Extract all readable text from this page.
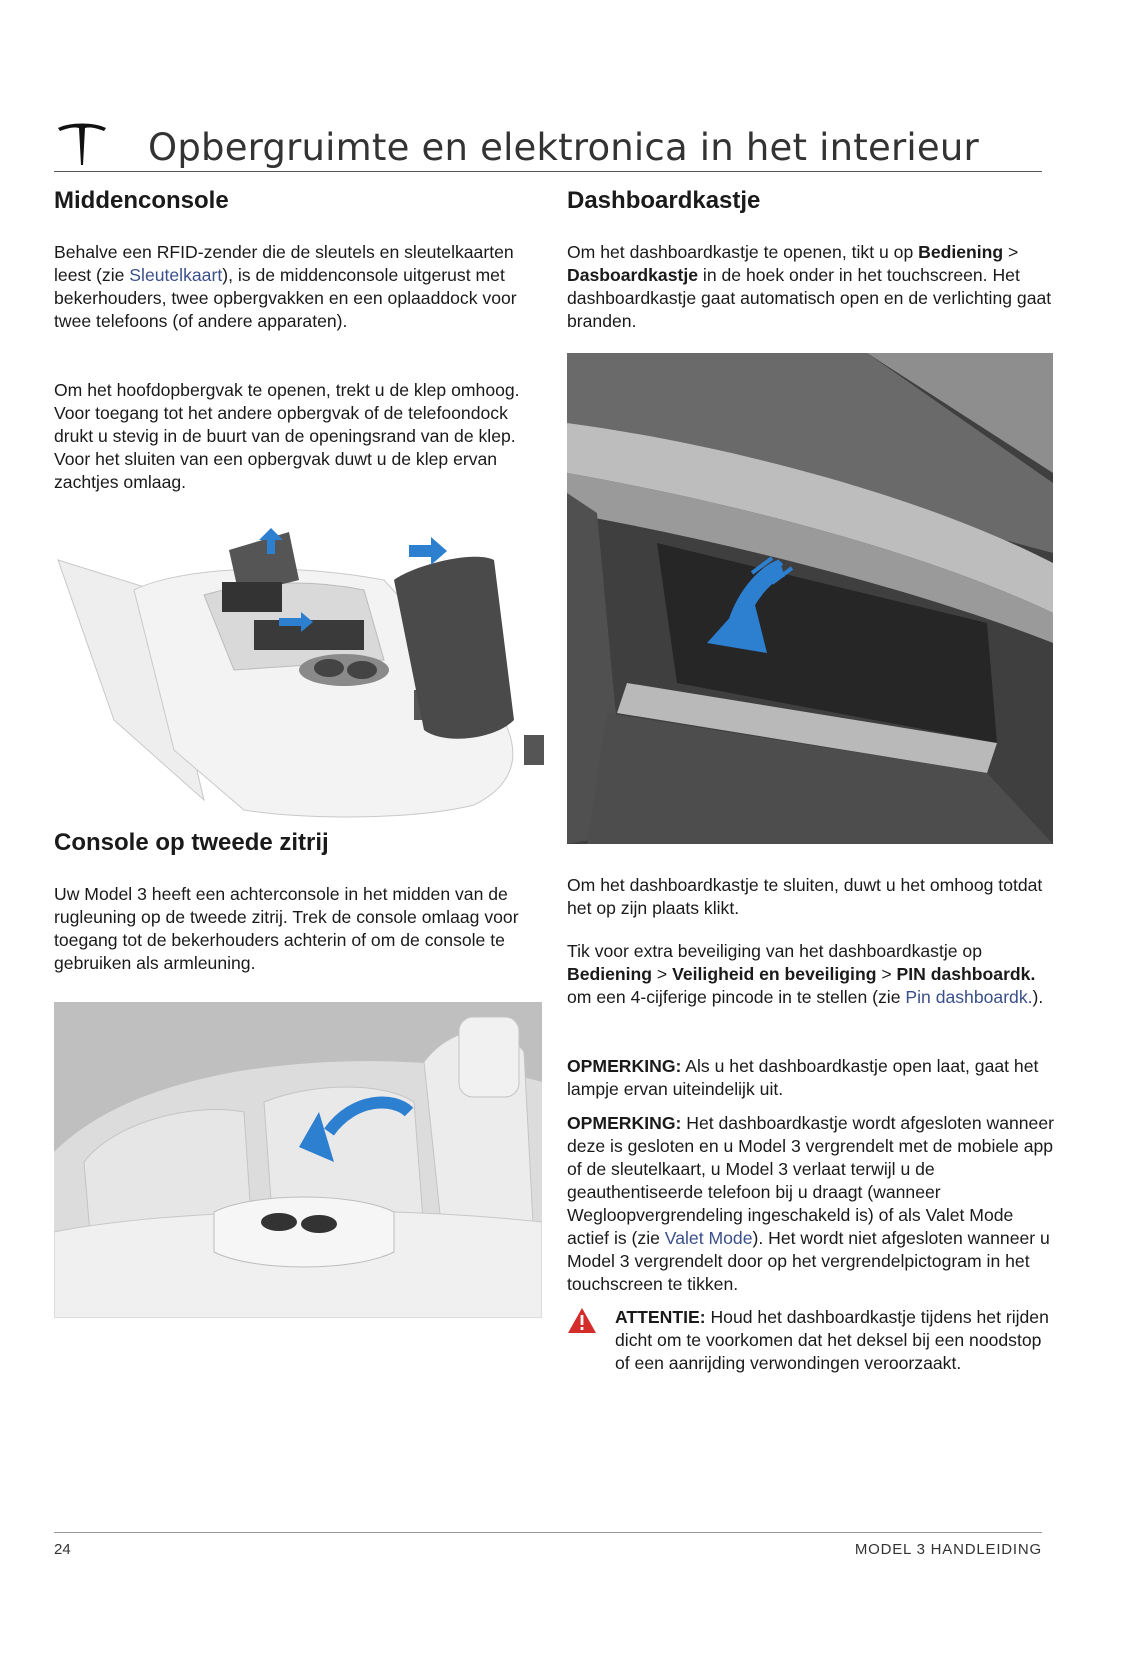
Opbergruimte en elektronica in het interieur
Middenconsole

Behalve een RFID-zender die de sleutels en sleutelkaarten leest (zie Sleutelkaart), is de middenconsole uitgerust met bekerhouders, twee opbergvakken en een oplaaddock voor twee telefoons (of andere apparaten).

Om het hoofdopbergvak te openen, trekt u de klep omhoog. Voor toegang tot het andere opbergvak of de telefoondock drukt u stevig in de buurt van de openingsrand van de klep. Voor het sluiten van een opbergvak duwt u de klep ervan zachtjes omlaag.

Console op tweede zitrij

Uw Model 3 heeft een achterconsole in het midden van de rugleuning op de tweede zitrij. Trek de console omlaag voor toegang tot de bekerhouders achterin of om de console te gebruiken als armleuning.

Dashboardkastje

Om het dashboardkastje te openen, tikt u op Bediening > Dasboardkastje in de hoek onder in het touchscreen. Het dashboardkastje gaat automatisch open en de verlichting gaat branden.

Om het dashboardkastje te sluiten, duwt u het omhoog totdat het op zijn plaats klikt.

Tik voor extra beveiliging van het dashboardkastje op Bediening > Veiligheid en beveiliging > PIN dashboardk. om een 4-cijferige pincode in te stellen (zie Pin dashboardk.).

OPMERKING: Als u het dashboardkastje open laat, gaat het lampje ervan uiteindelijk uit.

OPMERKING: Het dashboardkastje wordt afgesloten wanneer deze is gesloten en u Model 3 vergrendelt met de mobiele app of de sleutelkaart, u Model 3 verlaat terwijl u de geauthentiseerde telefoon bij u draagt (wanneer Wegloopvergrendeling ingeschakeld is) of als Valet Mode actief is (zie Valet Mode). Het wordt niet afgesloten wanneer u Model 3 vergrendelt door op het vergrendelpictogram in het touchscreen te tikken.

ATTENTIE: Houd het dashboardkastje tijdens het rijden dicht om te voorkomen dat het deksel bij een noodstop of een aanrijding verwondingen veroorzaakt.

24	MODEL 3 HANDLEIDING
